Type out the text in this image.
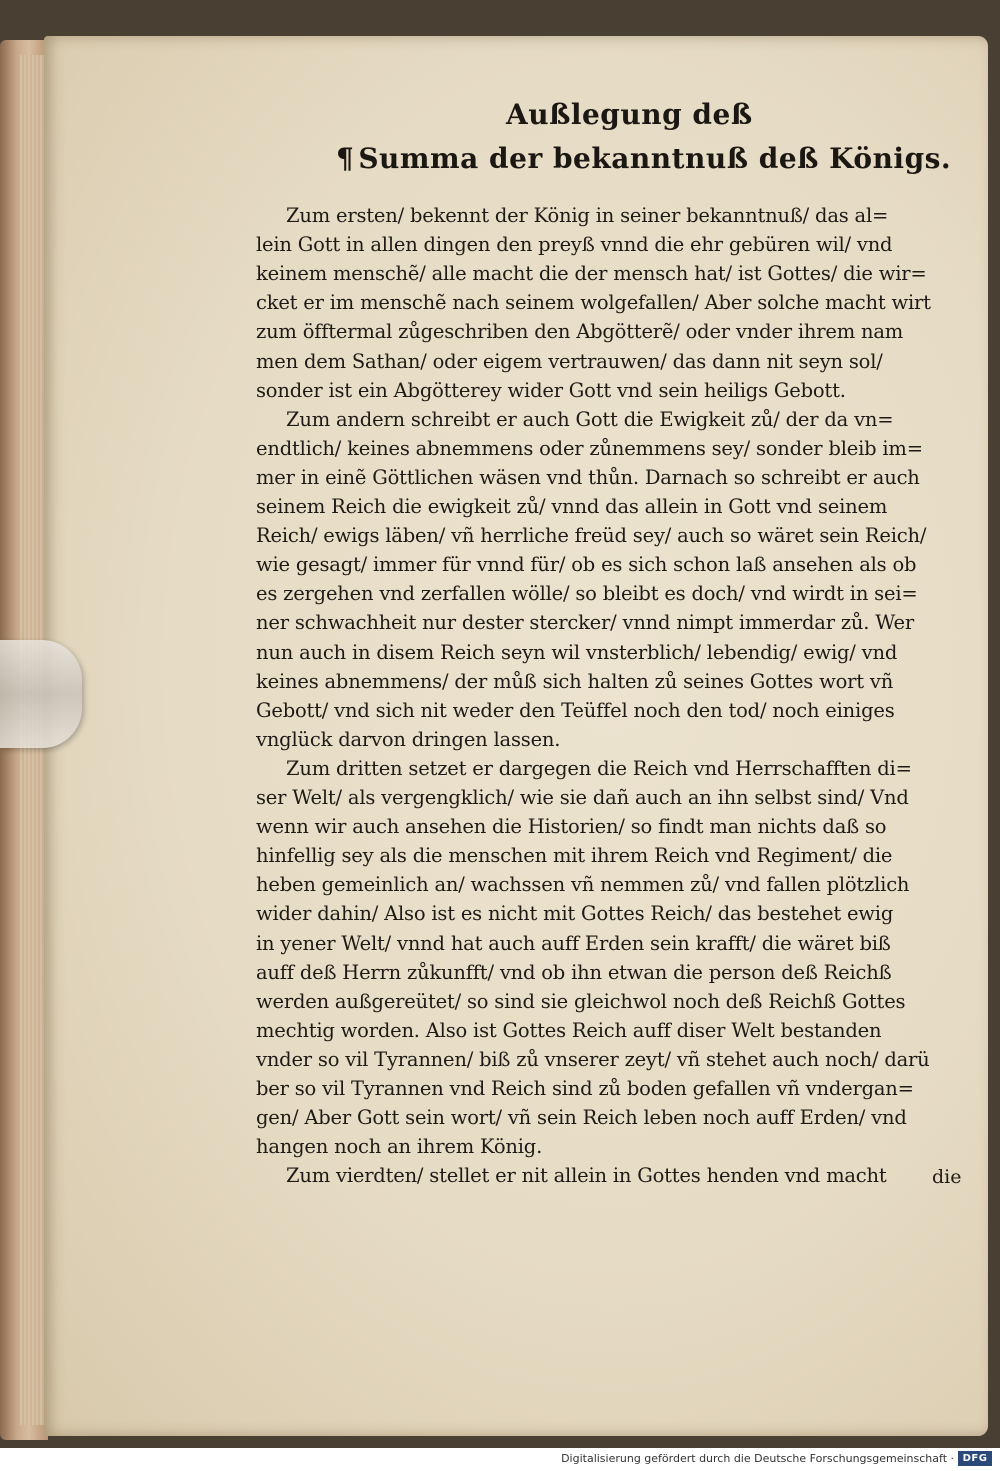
Außlegung deß
¶ Summa der bekanntnuß deß Königs.
Zum ersten/ bekennt der König in seiner bekanntnuß/ das al=
lein Gott in allen dingen den preyß vnnd die ehr gebüren wil/ vnd
keinem menschẽ/ alle macht die der mensch hat/ ist Gottes/ die wir=
cket er im menschẽ nach seinem wolgefallen/ Aber solche macht wirt
zum öfftermal zůgeschriben den Abgötterẽ/ oder vnder ihrem nam
men dem Sathan/ oder eigem vertrauwen/ das dann nit seyn sol/
sonder ist ein Abgötterey wider Gott vnd sein heiligs Gebott.
Zum andern schreibt er auch Gott die Ewigkeit zů/ der da vn=
endtlich/ keines abnemmens oder zůnemmens sey/ sonder bleib im=
mer in einẽ Göttlichen wäsen vnd thůn. Darnach so schreibt er auch
seinem Reich die ewigkeit zů/ vnnd das allein in Gott vnd seinem
Reich/ ewigs läben/ vñ herrliche freüd sey/ auch so wäret sein Reich/
wie gesagt/ immer für vnnd für/ ob es sich schon laß ansehen als ob
es zergehen vnd zerfallen wölle/ so bleibt es doch/ vnd wirdt in sei=
ner schwachheit nur dester stercker/ vnnd nimpt immerdar zů. Wer
nun auch in disem Reich seyn wil vnsterblich/ lebendig/ ewig/ vnd
keines abnemmens/ der můß sich halten zů seines Gottes wort vñ
Gebott/ vnd sich nit weder den Teüffel noch den tod/ noch einiges
vnglück darvon dringen lassen.
Zum dritten setzet er dargegen die Reich vnd Herrschafften di=
ser Welt/ als vergengklich/ wie sie dañ auch an ihn selbst sind/ Vnd
wenn wir auch ansehen die Historien/ so findt man nichts daß so
hinfellig sey als die menschen mit ihrem Reich vnd Regiment/ die
heben gemeinlich an/ wachssen vñ nemmen zů/ vnd fallen plötzlich
wider dahin/ Also ist es nicht mit Gottes Reich/ das bestehet ewig
in yener Welt/ vnnd hat auch auff Erden sein krafft/ die wäret biß
auff deß Herrn zůkunfft/ vnd ob ihn etwan die person deß Reichß
werden außgereütet/ so sind sie gleichwol noch deß Reichß Gottes
mechtig worden. Also ist Gottes Reich auff diser Welt bestanden
vnder so vil Tyrannen/ biß zů vnserer zeyt/ vñ stehet auch noch/ darü
ber so vil Tyrannen vnd Reich sind zů boden gefallen vñ vndergan=
gen/ Aber Gott sein wort/ vñ sein Reich leben noch auff Erden/ vnd
hangen noch an ihrem König.
Zum vierdten/ stellet er nit allein in Gottes henden vnd macht die
Digitalisierung gefördert durch die Deutsche Forschungsgemeinschaft · DFG
